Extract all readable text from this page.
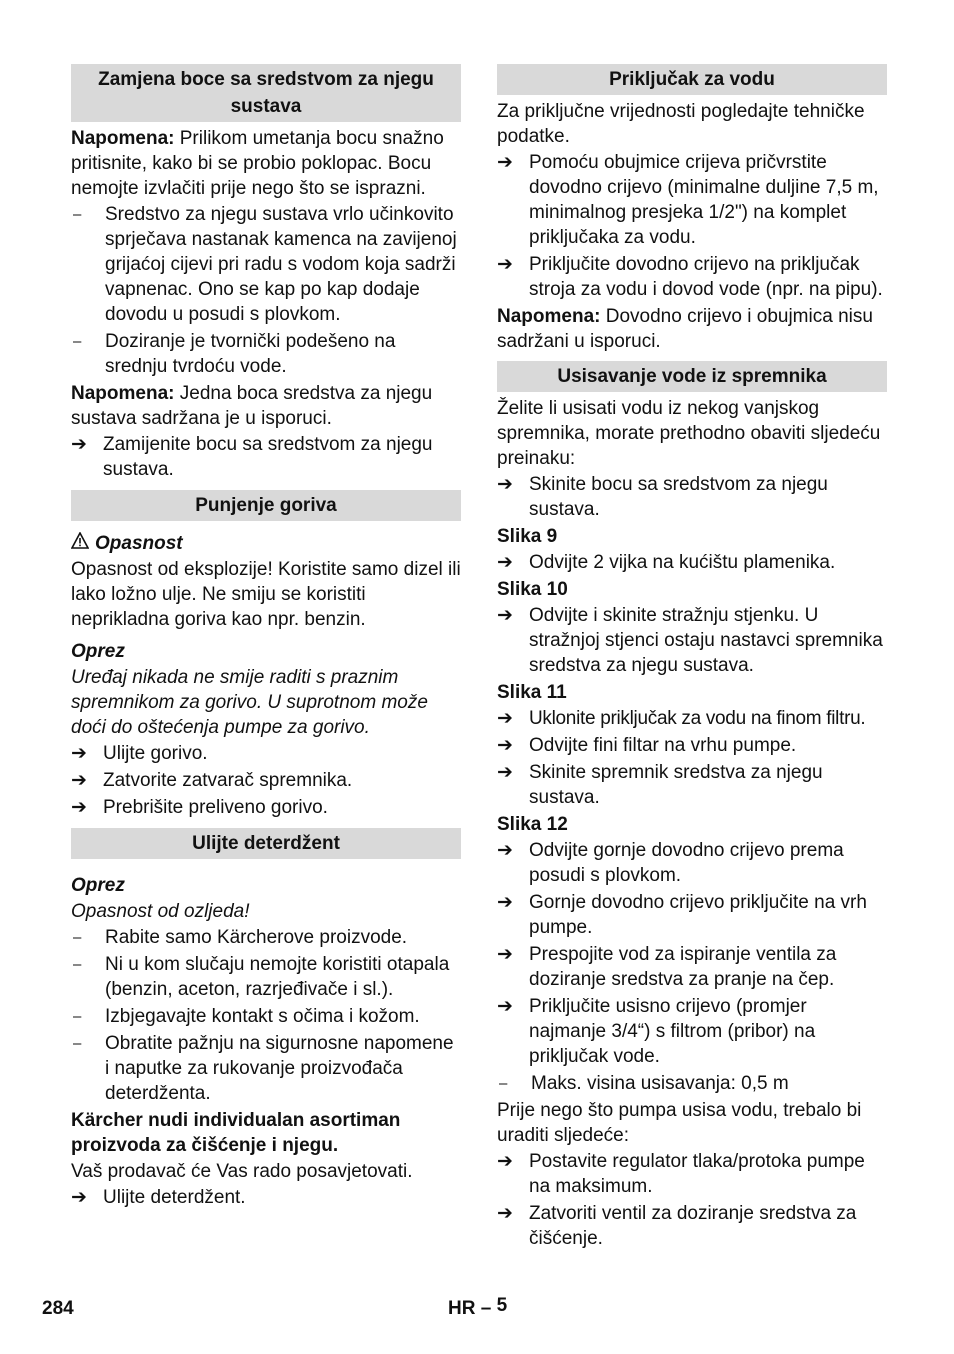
Zamjena boce sa sredstvom za njegu sustava
Napomena: Prilikom umetanja bocu snažno pritisnite, kako bi se probio poklopac. Bocu nemojte izvlačiti prije nego što se isprazni.
–	Sredstvo za njegu sustava vrlo učinkovito sprječava nastanak kamenca na zavijenoj grijaćoj cijevi pri radu s vodom koja sadrži vapnenac. Ono se kap po kap dodaje dovodu u posudi s plovkom.
–	Doziranje je tvornički podešeno na srednju tvrdoću vode.
Napomena: Jedna boca sredstva za njegu sustava sadržana je u isporuci.
➔ Zamijenite bocu sa sredstvom za njegu sustava.
Punjenje goriva
Opasnost
Opasnost od eksplozije! Koristite samo dizel ili lako ložno ulje. Ne smiju se koristiti neprikladna goriva kao npr. benzin.
Oprez
Uređaj nikada ne smije raditi s praznim spremnikom za gorivo. U suprotnom može doći do oštećenja pumpe za gorivo.
➔ Ulijte gorivo.
➔ Zatvorite zatvarač spremnika.
➔ Prebrišite preliveno gorivo.
Ulijte deterdžent
Oprez
Opasnost od ozljeda!
–	Rabite samo Kärcherove proizvode.
–	Ni u kom slučaju nemojte koristiti otapala (benzin, aceton, razrjeđivače i sl.).
–	Izbjegavajte kontakt s očima i kožom.
–	Obratite pažnju na sigurnosne napomene i naputke za rukovanje proizvođača deterdženta.
Kärcher nudi individualan asortiman proizvoda za čišćenje i njegu.
Vaš prodavač će Vas rado posavjetovati.
➔ Ulijte deterdžent.
Priključak za vodu
Za priključne vrijednosti pogledajte tehničke podatke.
➔ Pomoću obujmice crijeva pričvrstite dovodno crijevo (minimalne duljine 7,5 m, minimalnog presjeka 1/2") na komplet priključaka za vodu.
➔ Priključite dovodno crijevo na priključak stroja za vodu i dovod vode (npr. na pipu).
Napomena: Dovodno crijevo i obujmica nisu sadržani u isporuci.
Usisavanje vode iz spremnika
Želite li usisati vodu iz nekog vanjskog spremnika, morate prethodno obaviti sljedeću preinaku:
➔ Skinite bocu sa sredstvom za njegu sustava.
Slika 9
➔ Odvijte 2 vijka na kućištu plamenika.
Slika 10
➔ Odvijte i skinite stražnju stjenku. U stražnjoj stjenci ostaju nastavci spremnika sredstva za njegu sustava.
Slika 11
➔ Uklonite priključak za vodu na finom filtru.
➔ Odvijte fini filtar na vrhu pumpe.
➔ Skinite spremnik sredstva za njegu sustava.
Slika 12
➔ Odvijte gornje dovodno crijevo prema posudi s plovkom.
➔ Gornje dovodno crijevo priključite na vrh pumpe.
➔ Prespojite vod za ispiranje ventila za doziranje sredstva za pranje na čep.
➔ Priključite usisno crijevo (promjer najmanje 3/4“) s filtrom (pribor) na priključak vode.
–	Maks. visina usisavanja: 0,5 m
Prije nego što pumpa usisa vodu, trebalo bi uraditi sljedeće:
➔ Postavite regulator tlaka/protoka pumpe na maksimum.
➔ Zatvoriti ventil za doziranje sredstva za čišćenje.
284	HR – 5
